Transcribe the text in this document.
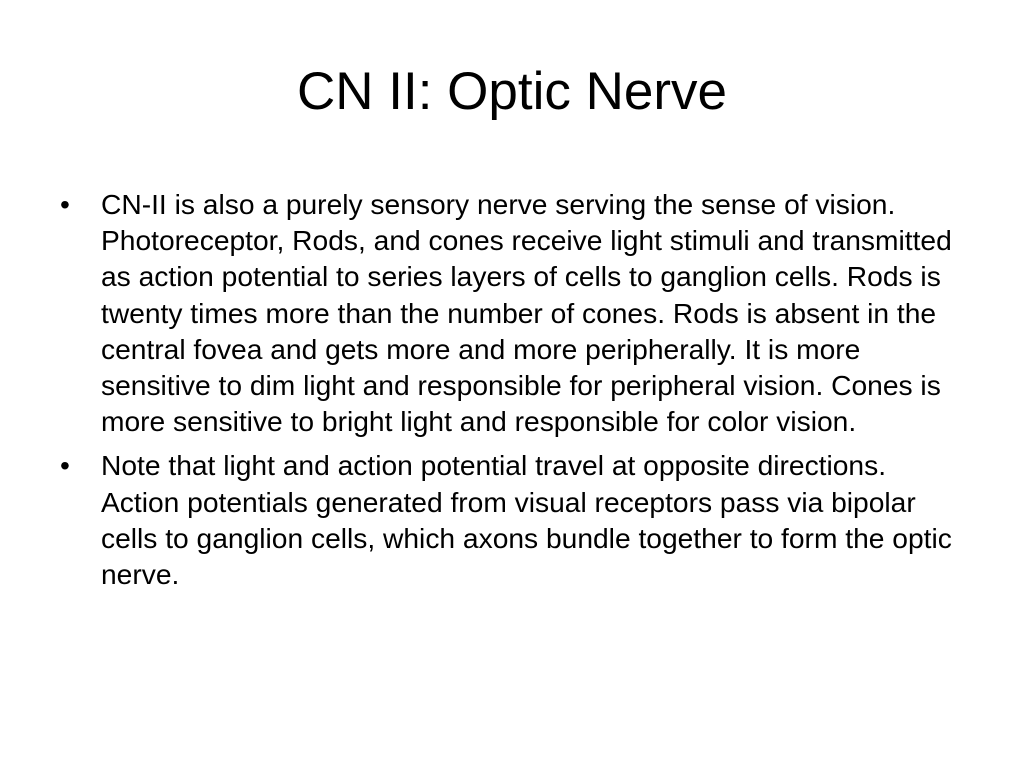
CN II: Optic Nerve
•	CN-II is also a purely sensory nerve serving the sense of vision. Photoreceptor, Rods, and cones receive light stimuli and transmitted as action potential to series layers of cells to ganglion cells. Rods is twenty times more than the number of cones. Rods is absent in the central fovea and gets more and more peripherally. It is more sensitive to dim light and responsible for peripheral vision. Cones is more sensitive to bright light and responsible for color vision.
•	Note that light and action potential travel at opposite directions. Action potentials generated from visual receptors pass via bipolar cells to ganglion cells, which axons bundle together to form the optic nerve.
